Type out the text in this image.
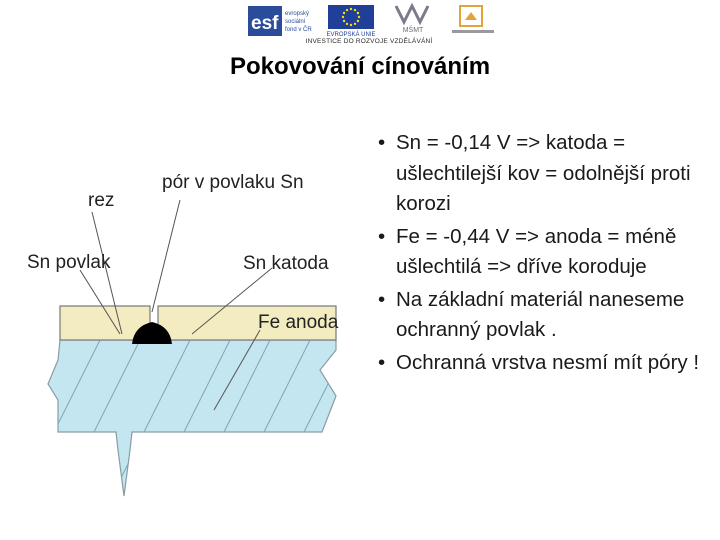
esf evropský
sociální
fond v ČR
EVROPSKÁ UNIE
MŠMT
INVESTICE DO ROZVOJE VZDĚLÁVÁNÍ
Pokovování cínováním
rez
pór v povlaku Sn
Sn povlak	Sn katoda
Fe anoda
• Sn = -0,14 V => katoda = ušlechtilejší kov = odolnější proti korozi
• Fe = -0,44 V => anoda = méně ušlechtilá => dříve koroduje
• Na základní materiál naneseme ochranný povlak .
• Ochranná vrstva nesmí mít póry !
